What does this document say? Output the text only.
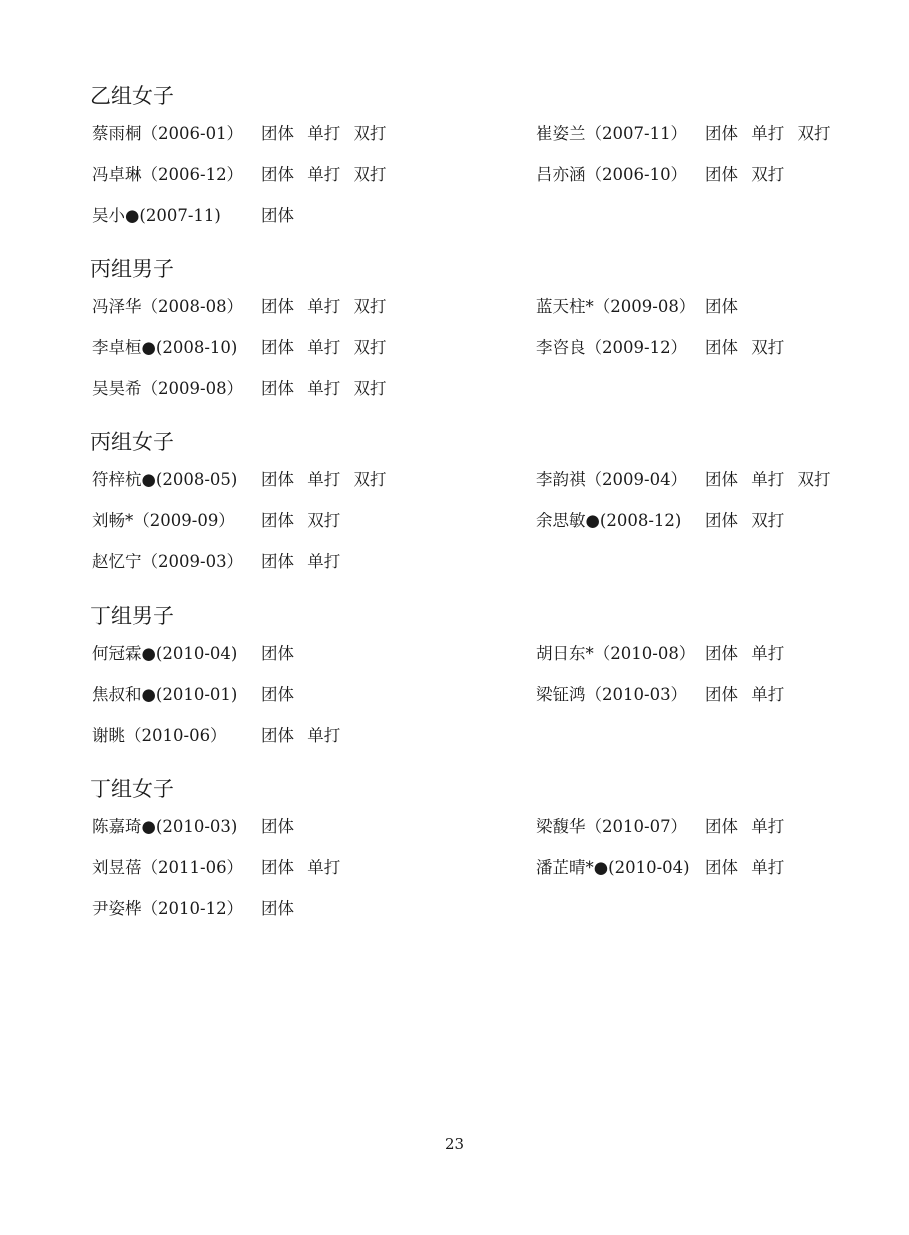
乙组女子
蔡雨桐（2006-01） 团体 单打 双打
冯卓琳（2006-12） 团体 单打 双打
吴小●(2007-11) 团体
崔姿兰（2007-11） 团体 单打 双打
吕亦涵（2006-10） 团体 双打
丙组男子
冯泽华（2008-08） 团体 单打 双打
李卓桓●(2008-10) 团体 单打 双打
吴昊希（2009-08） 团体 单打 双打
蓝天柱*（2009-08） 团体
李咨良（2009-12） 团体 双打
丙组女子
符梓杭●(2008-05) 团体 单打 双打
刘畅*（2009-09） 团体 双打
赵忆宁（2009-03） 团体 单打
李韵祺（2009-04） 团体 单打 双打
余思敏●(2008-12) 团体 双打
丁组男子
何冠霖●(2010-04) 团体
焦叔和●(2010-01) 团体
谢眺（2010-06） 团体 单打
胡日东*（2010-08） 团体 单打
梁钲鸿（2010-03） 团体 单打
丁组女子
陈嘉琦●(2010-03) 团体
刘昱蓓（2011-06） 团体 单打
尹姿桦（2010-12） 团体
梁馥华（2010-07） 团体 单打
潘芷晴*●(2010-04) 团体 单打
23
